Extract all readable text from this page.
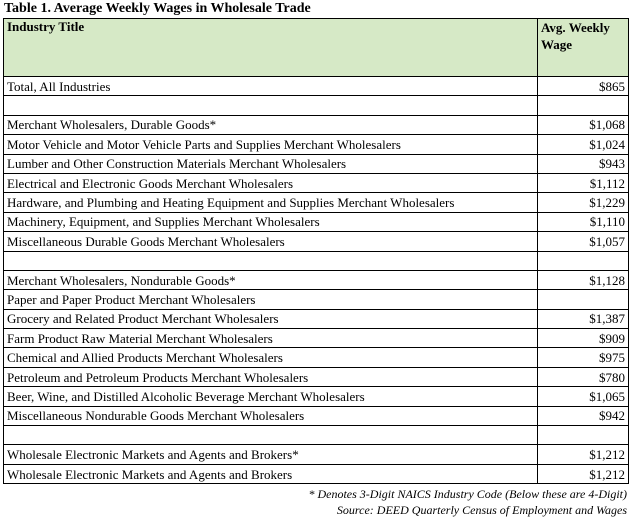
Table 1. Average Weekly Wages in Wholesale Trade
Industry Title	Avg. Weekly Wage

Total, All Industries	$865

Merchant Wholesalers, Durable Goods*	$1,068
Motor Vehicle and Motor Vehicle Parts and Supplies Merchant Wholesalers	$1,024
Lumber and Other Construction Materials Merchant Wholesalers	$943
Electrical and Electronic Goods Merchant Wholesalers	$1,112
Hardware, and Plumbing and Heating Equipment and Supplies Merchant Wholesalers	$1,229
Machinery, Equipment, and Supplies Merchant Wholesalers	$1,110
Miscellaneous Durable Goods Merchant Wholesalers	$1,057

Merchant Wholesalers, Nondurable Goods*	$1,128
Paper and Paper Product Merchant Wholesalers	
Grocery and Related Product Merchant Wholesalers	$1,387
Farm Product Raw Material Merchant Wholesalers	$909
Chemical and Allied Products Merchant Wholesalers	$975
Petroleum and Petroleum Products Merchant Wholesalers	$780
Beer, Wine, and Distilled Alcoholic Beverage Merchant Wholesalers	$1,065
Miscellaneous Nondurable Goods Merchant Wholesalers	$942

Wholesale Electronic Markets and Agents and Brokers*	$1,212
Wholesale Electronic Markets and Agents and Brokers	$1,212
* Denotes 3-Digit NAICS Industry Code (Below these are 4-Digit)
Source: DEED Quarterly Census of Employment and Wages
